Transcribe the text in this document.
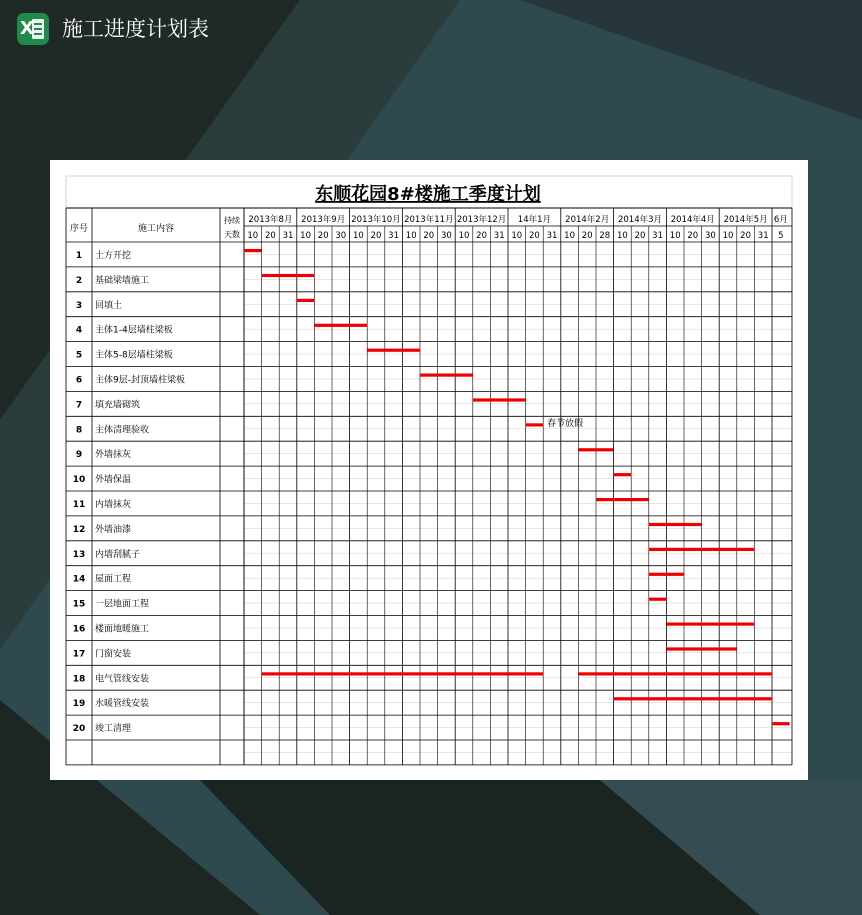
X 施工进度计划表
东顺花园8#楼施工季度计划
序号	施工内容
持续
天数
2013年8月 2013年9月 2013年10月 2013年11月 2013年12月 14年1月 2014年2月 2014年3月 2014年4月 2014年5月 6月
10 20 31 10 20 30 10 20 31 10 20 30 10 20 31 10 20 31 10 20 28 10 20 31 10 20 30 10 20 31 5
1 土方开挖
2 基础梁墙施工
3 回填土
4 主体1-4层墙柱梁板
5 主体5-8层墙柱梁板
6 主体9层-封顶墙柱梁板
7 填充墙砌筑
8 主体清理验收
9 外墙抹灰
10 外墙保温
11 内墙抹灰
12 外墙油漆
13 内墙刮腻子
14 屋面工程
15 一层地面工程
16 楼面地暖施工
17 门窗安装
18 电气管线安装
19 水暖管线安装
20 竣工清理
春节放假
